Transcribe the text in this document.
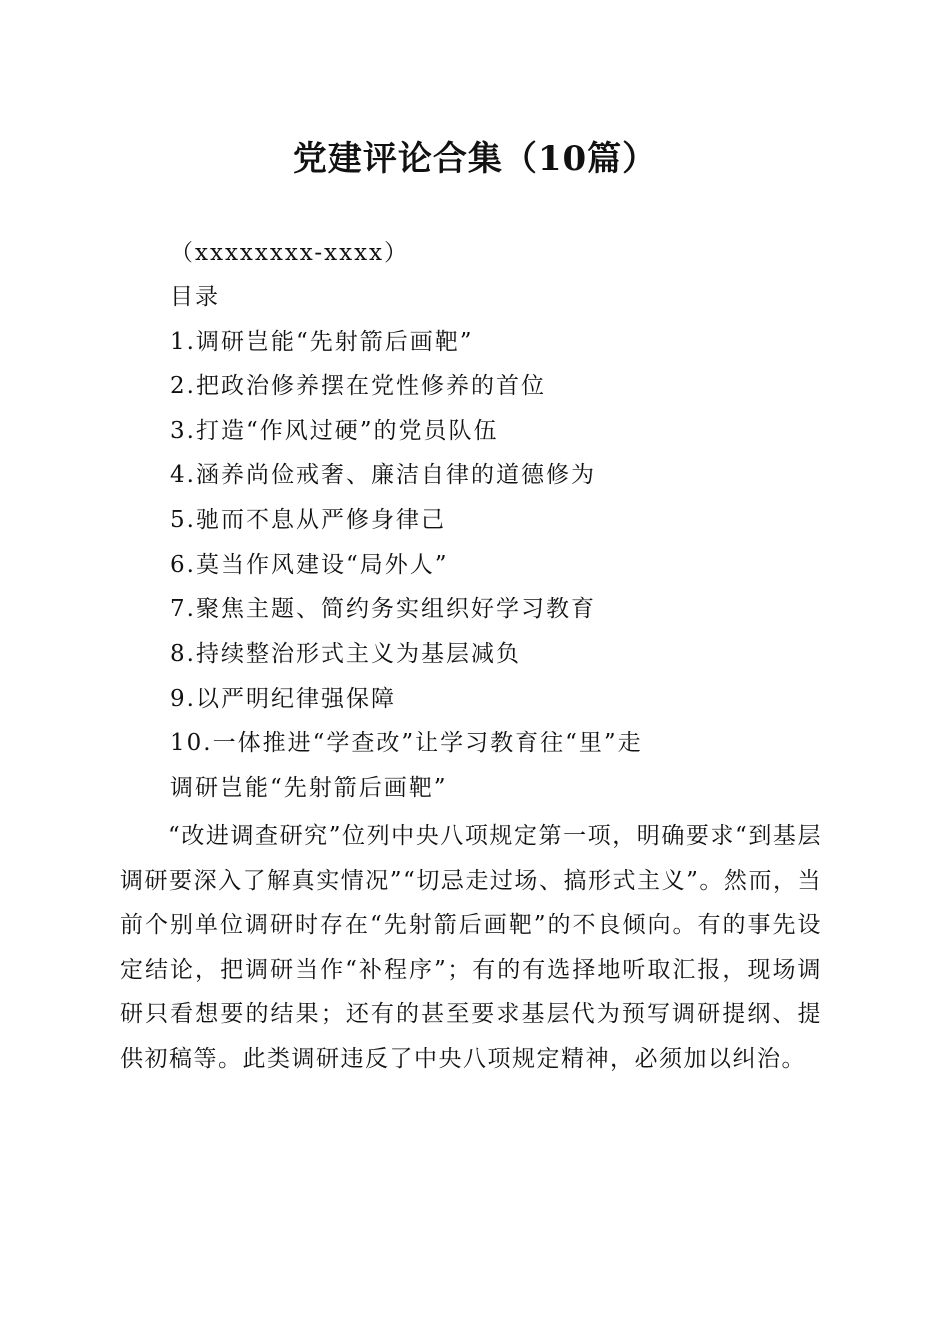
党建评论合集（10篇）
（xxxxxxxx-xxxx）
目录
1.调研岂能“先射箭后画靶”
2.把政治修养摆在党性修养的首位
3.打造“作风过硬”的党员队伍
4.涵养尚俭戒奢、廉洁自律的道德修为
5.驰而不息从严修身律己
6.莫当作风建设“局外人”
7.聚焦主题、简约务实组织好学习教育
8.持续整治形式主义为基层减负
9.以严明纪律强保障
10.一体推进“学查改”让学习教育往“里”走
调研岂能“先射箭后画靶”

“改进调查研究”位列中央八项规定第一项，明确要求“到基层调研要深入了解真实情况”“切忌走过场、搞形式主义”。然而，当前个别单位调研时存在“先射箭后画靶”的不良倾向。有的事先设定结论，把调研当作“补程序”；有的有选择地听取汇报，现场调研只看想要的结果；还有的甚至要求基层代为预写调研提纲、提供初稿等。此类调研违反了中央八项规定精神，必须加以纠治。
